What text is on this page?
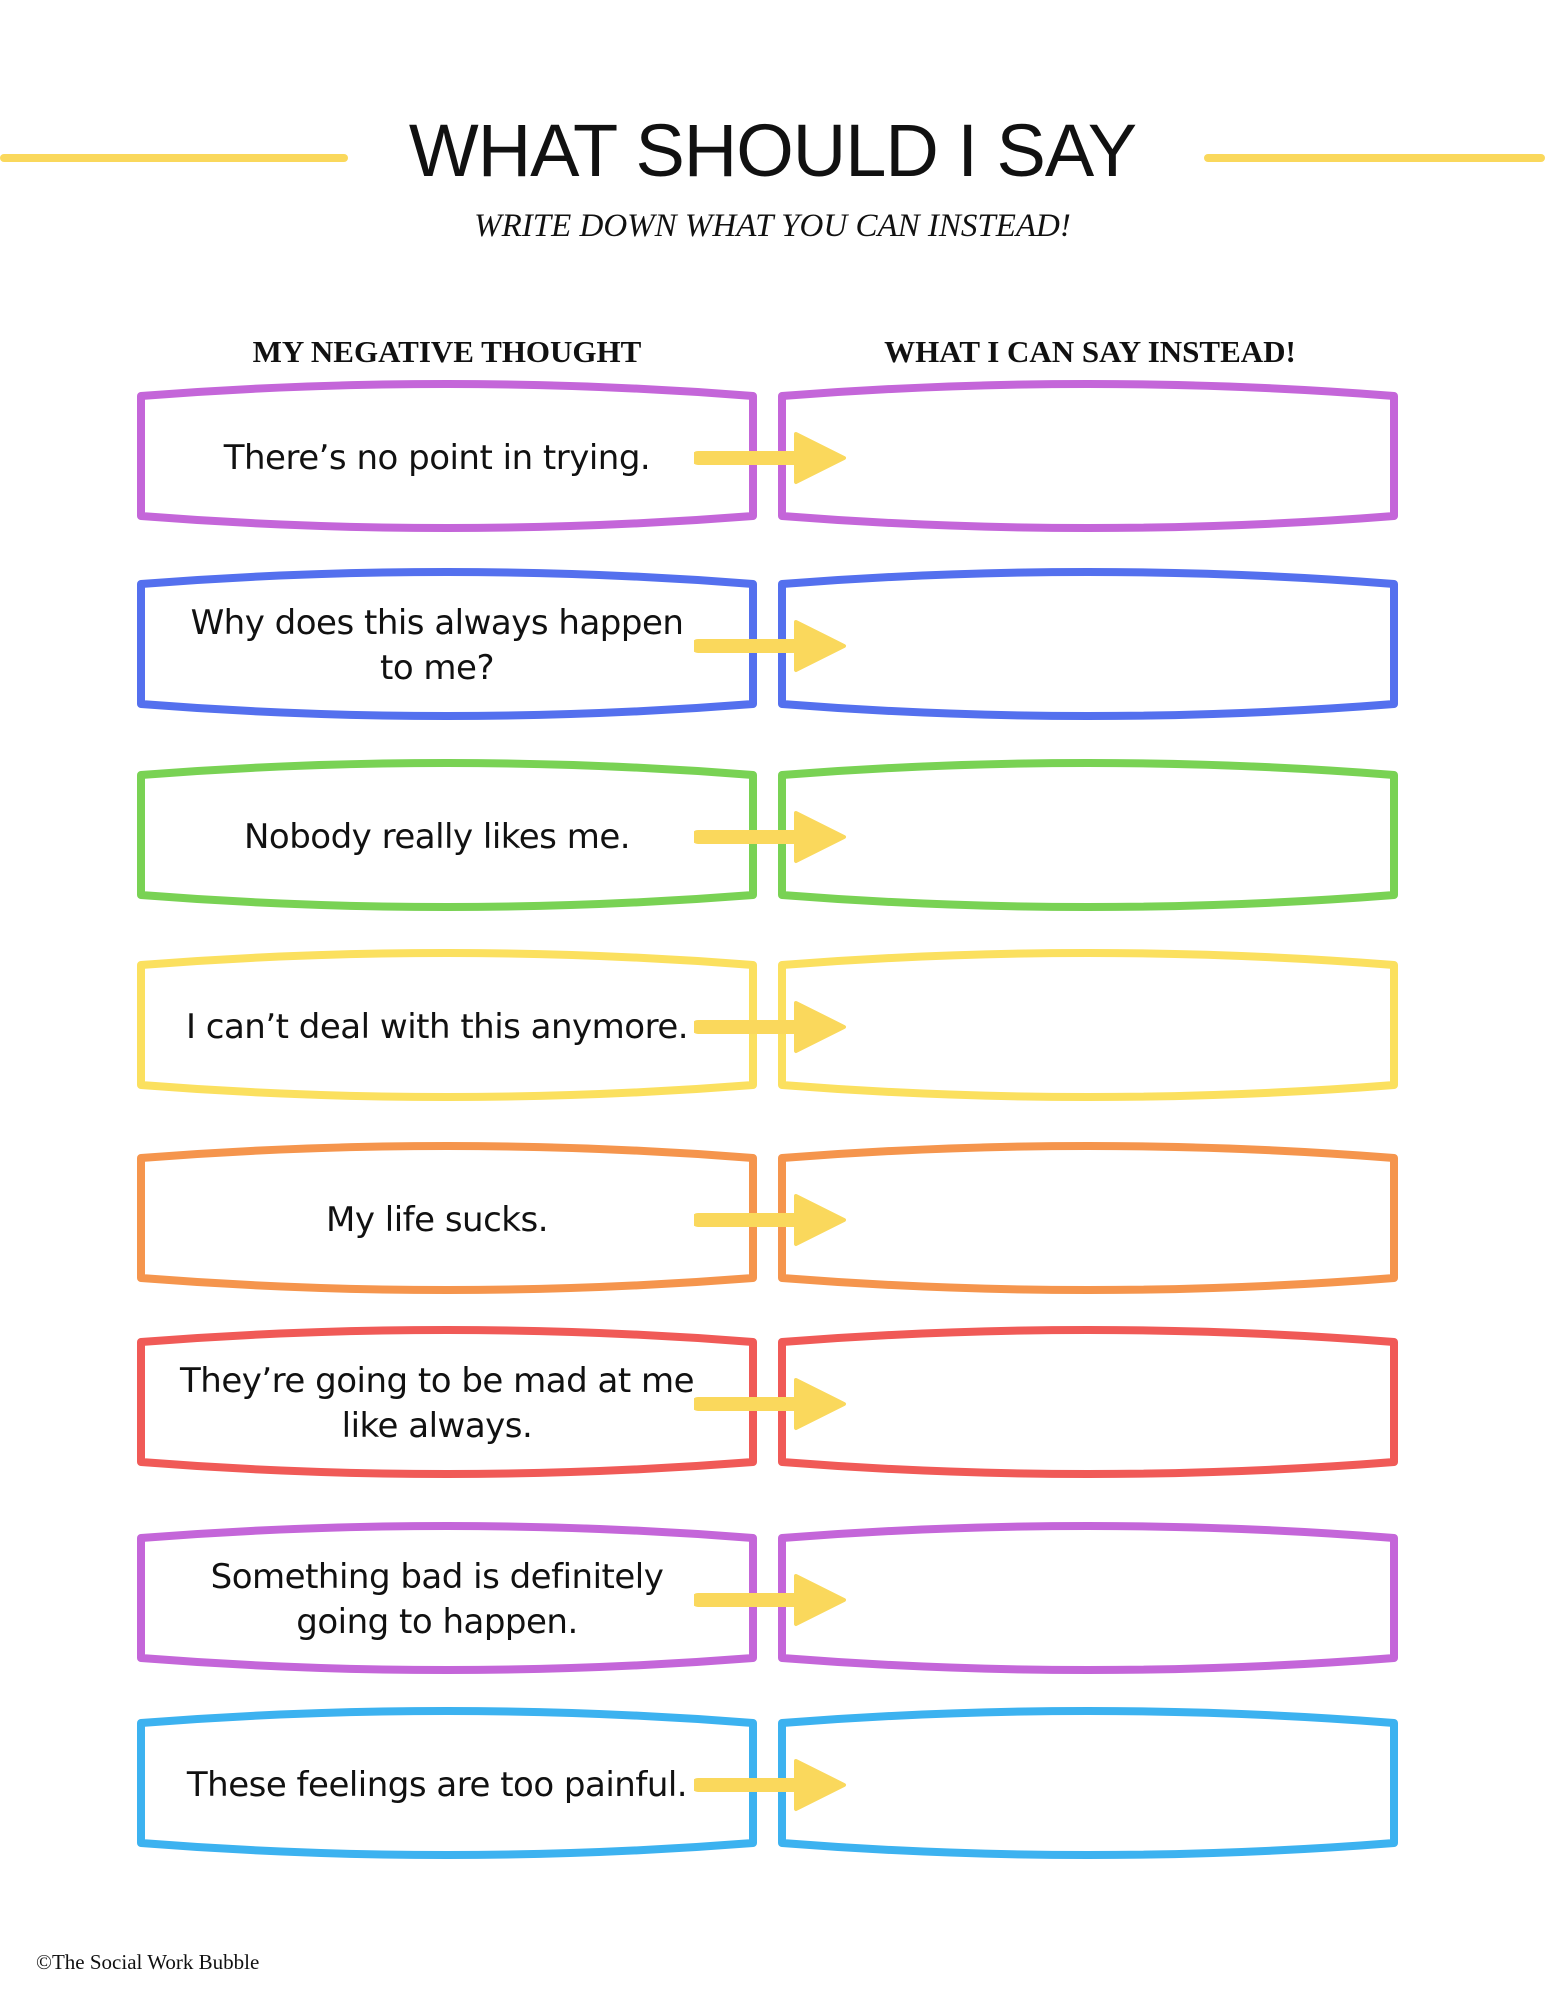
WHAT SHOULD I SAY

WRITE DOWN WHAT YOU CAN INSTEAD!

MY NEGATIVE THOUGHT	WHAT I CAN SAY INSTEAD!
There’s no point in trying.
Why does this always happen to me?
Nobody really likes me.
I can’t deal with this anymore.
My life sucks.
They’re going to be mad at me like always.
Something bad is definitely going to happen.
These feelings are too painful.
©The Social Work Bubble
